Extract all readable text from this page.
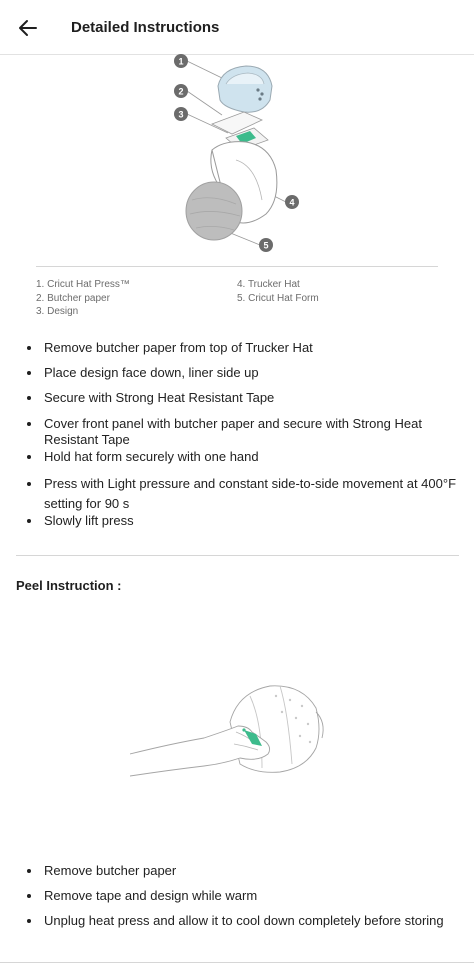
Detailed Instructions
1
2
3
4
5
1. Cricut Hat Press™
2. Butcher paper
3. Design
4. Trucker Hat
5. Cricut Hat Form
Remove butcher paper from top of Trucker Hat
Place design face down, liner side up
Secure with Strong Heat Resistant Tape
Cover front panel with butcher paper and secure with Strong Heat Resistant Tape
Hold hat form securely with one hand
Press with Light pressure and constant side-to-side movement at 400°F setting for 90 s
Slowly lift press
Peel Instruction :
Remove butcher paper
Remove tape and design while warm
Unplug heat press and allow it to cool down completely before storing
